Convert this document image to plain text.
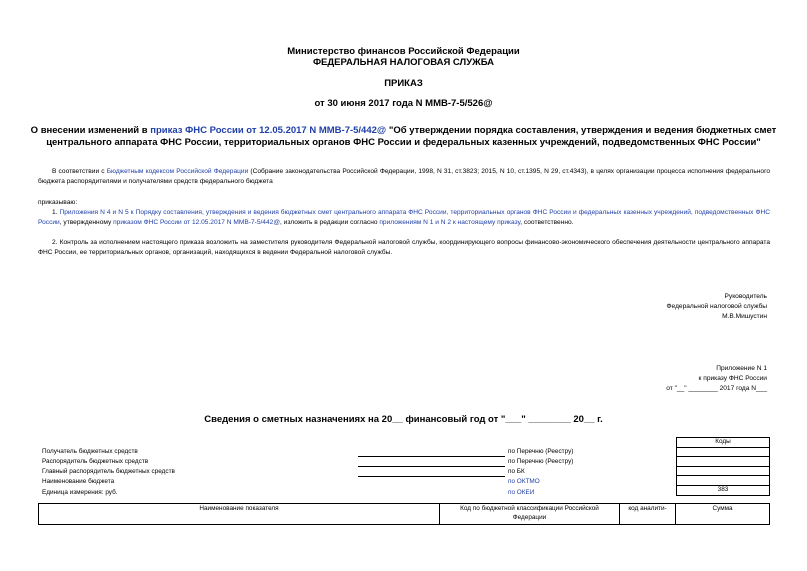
Министерство финансов Российской Федерации
ФЕДЕРАЛЬНАЯ НАЛОГОВАЯ СЛУЖБА
ПРИКАЗ
от 30 июня 2017 года N ММВ-7-5/526@
О внесении изменений в приказ ФНС России от 12.05.2017 N ММВ-7-5/442@ "Об утверждении порядка составления, утверждения и ведения бюджетных смет центрального аппарата ФНС России, территориальных органов ФНС России и федеральных казенных учреждений, подведомственных ФНС России"
В соответствии с Бюджетным кодексом Российской Федерации (Собрание законодательства Российской Федерации, 1998, N 31, ст.3823; 2015, N 10, ст.1395, N 29, ст.4343), в целях организации процесса исполнения федерального бюджета распорядителями и получателями средств федерального бюджета
приказываю:
1. Приложения N 4 и N 5 к Порядку составления, утверждения и ведения бюджетных смет центрального аппарата ФНС России, территориальных органов ФНС России и федеральных казенных учреждений, подведомственных ФНС России, утвержденному приказом ФНС России от 12.05.2017 N ММВ-7-5/442@, изложить в редакции согласно приложениям N 1 и N 2 к настоящему приказу, соответственно.
2. Контроль за исполнением настоящего приказа возложить на заместителя руководителя Федеральной налоговой службы, координирующего вопросы финансово-экономического обеспечения деятельности центрального аппарата ФНС России, ее территориальных органов, организаций, находящихся в ведении Федеральной налоговой службы.
Руководитель
Федеральной налоговой службы
М.В.Мишустин
Приложение N 1
к приказу ФНС России
от "__" ________ 2017 года N___
Сведения о сметных назначениях на 20__ финансовый год от "___" ________ 20__ г.
Получатель бюджетных средств
Распорядитель бюджетных средств
Главный распорядитель бюджетных средств
Наименование бюджета
Единица измерения: руб.
по Перечню (Реестру)
по Перечню (Реестру)
по БК
по ОКТМО
по ОКЕИ
Коды
383
Наименование показателя	Код по бюджетной классификации Российской Федерации
код аналити-	Сумма
